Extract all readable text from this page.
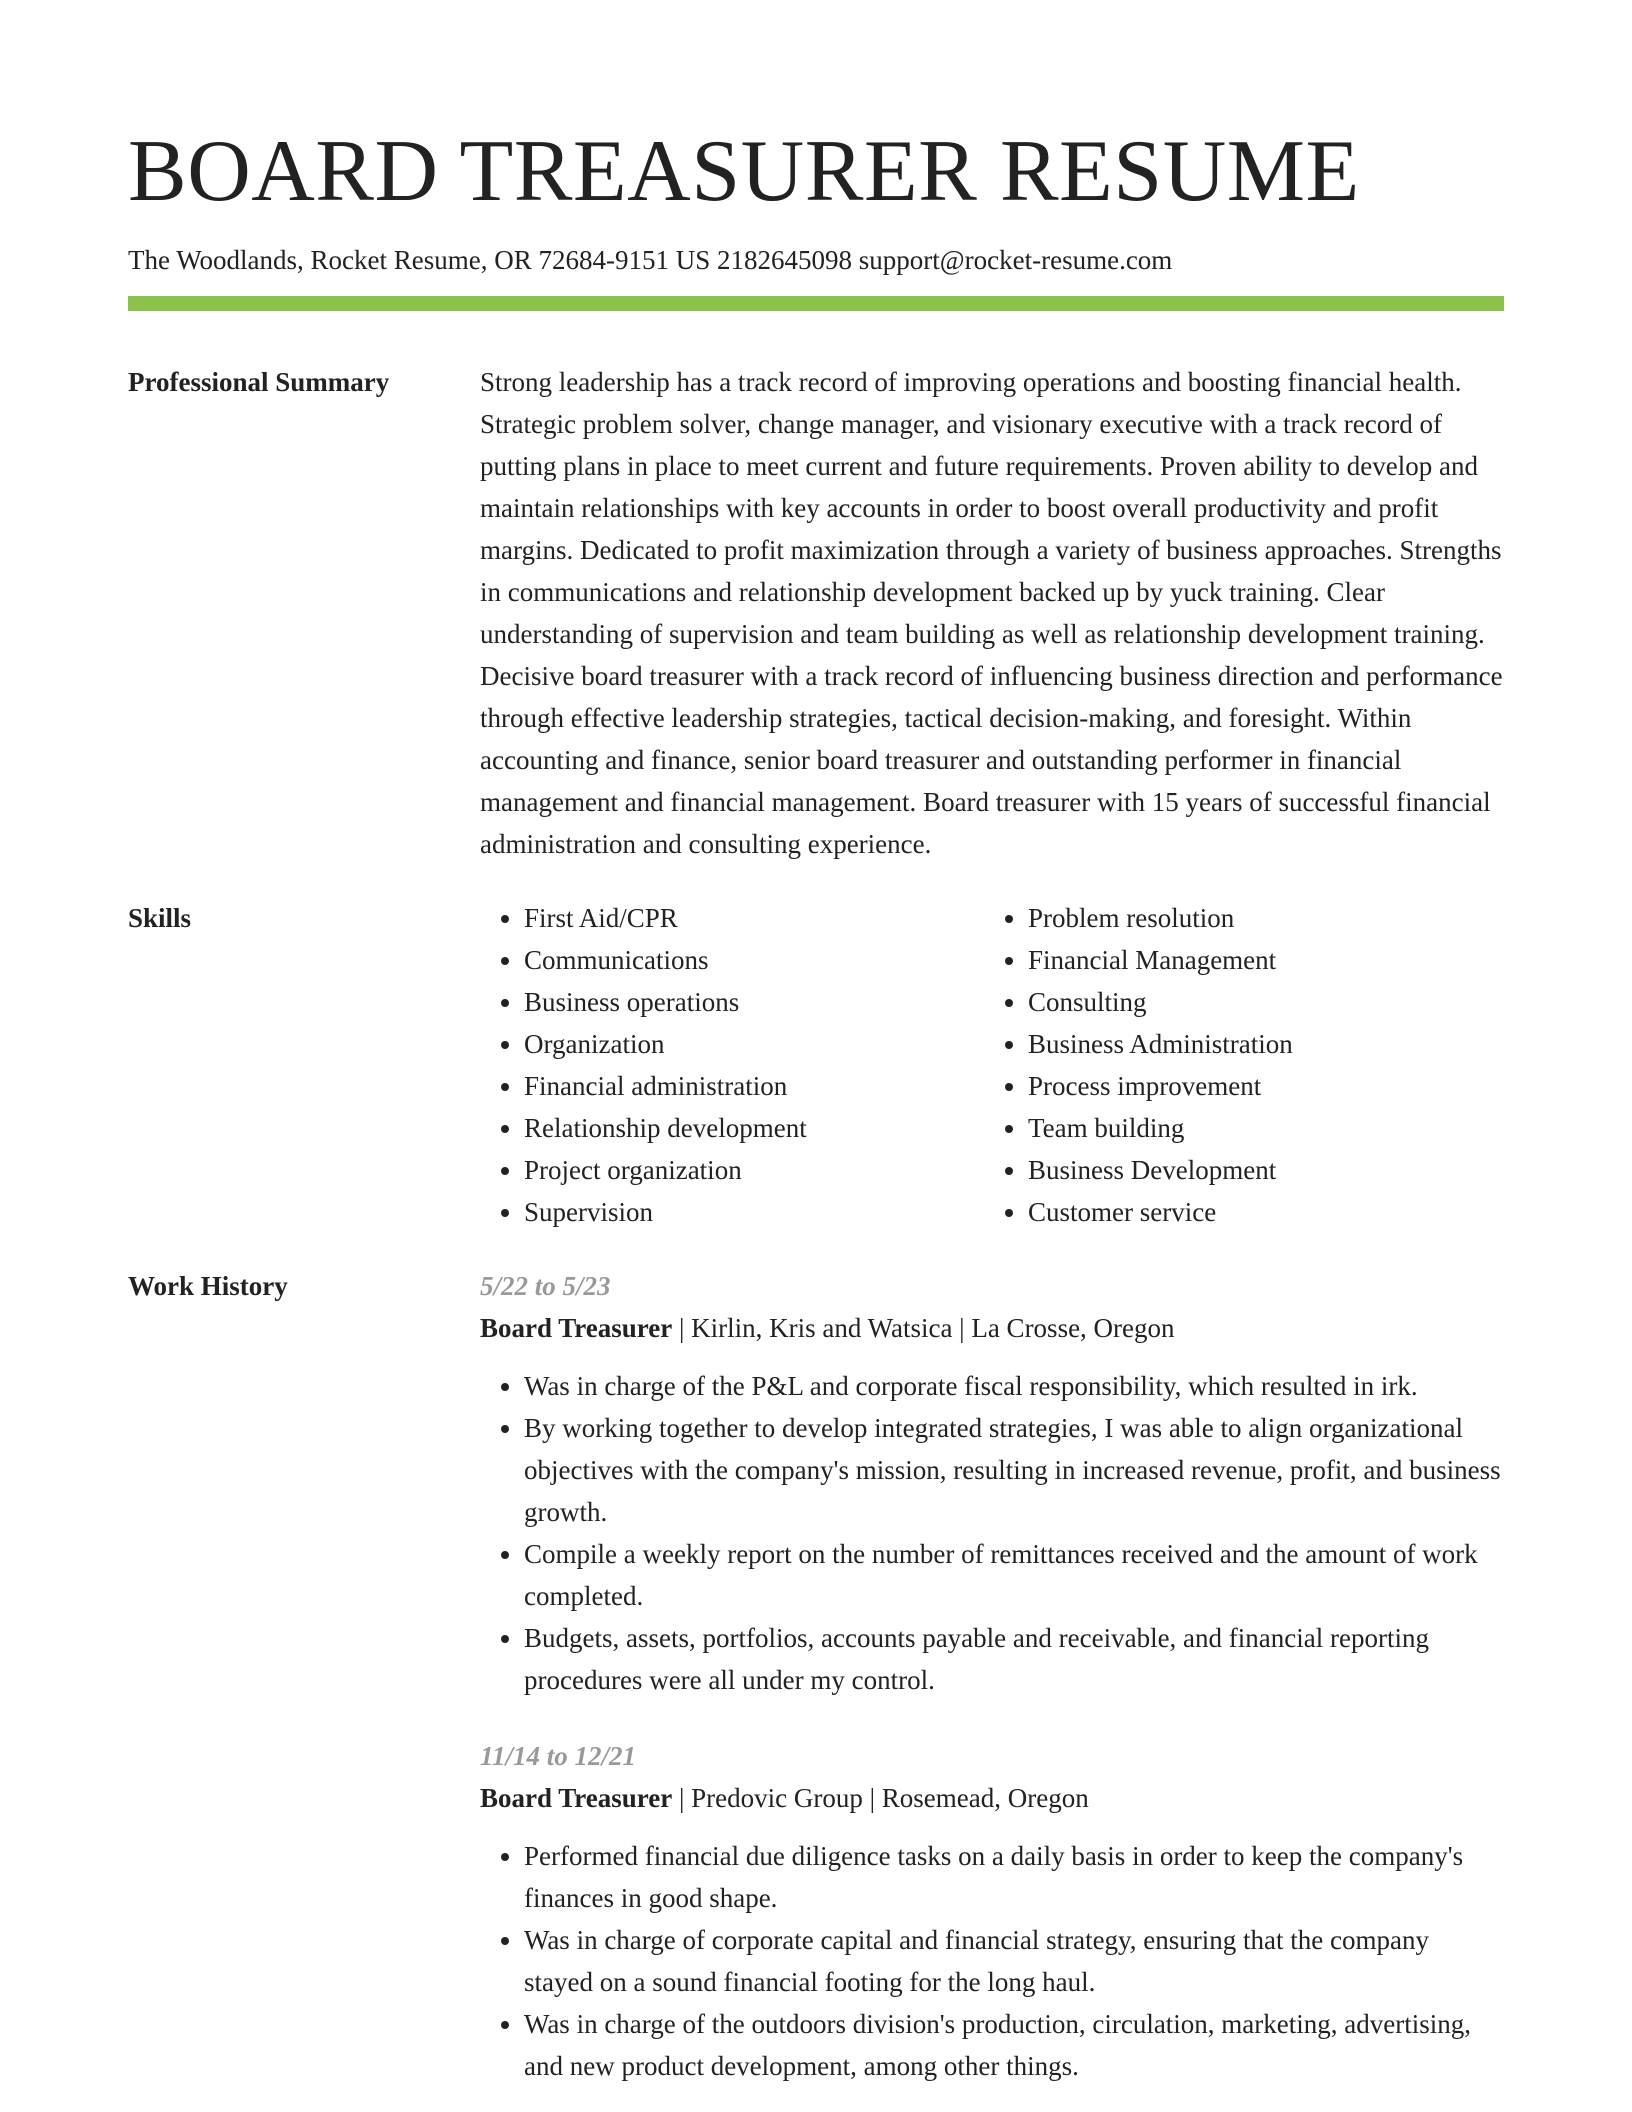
BOARD TREASURER RESUME
The Woodlands, Rocket Resume, OR 72684-9151 US 2182645098 support@rocket-resume.com
Professional Summary	Strong leadership has a track record of improving operations and boosting financial health. Strategic problem solver, change manager, and visionary executive with a track record of putting plans in place to meet current and future requirements. Proven ability to develop and maintain relationships with key accounts in order to boost overall productivity and profit margins. Dedicated to profit maximization through a variety of business approaches. Strengths in communications and relationship development backed up by yuck training. Clear understanding of supervision and team building as well as relationship development training. Decisive board treasurer with a track record of influencing business direction and performance through effective leadership strategies, tactical decision-making, and foresight. Within accounting and finance, senior board treasurer and outstanding performer in financial management and financial management. Board treasurer with 15 years of successful financial administration and consulting experience.

Skills
•	First Aid/CPR
• Communications
• Business operations
• Organization
• Financial administration
• Relationship development
• Project organization
• Supervision
• Problem resolution
• Financial Management
• Consulting
• Business Administration
• Process improvement
• Team building
• Business Development
• Customer service
Work History	5/22 to 5/23
Board Treasurer | Kirlin, Kris and Watsica | La Crosse, Oregon
• Was in charge of the P&L and corporate fiscal responsibility, which resulted in irk.
• By working together to develop integrated strategies, I was able to align organizational objectives with the company's mission, resulting in increased revenue, profit, and business growth.
• Compile a weekly report on the number of remittances received and the amount of work completed.
• Budgets, assets, portfolios, accounts payable and receivable, and financial reporting procedures were all under my control.
11/14 to 12/21
Board Treasurer | Predovic Group | Rosemead, Oregon
• Performed financial due diligence tasks on a daily basis in order to keep the company's finances in good shape.
• Was in charge of corporate capital and financial strategy, ensuring that the company stayed on a sound financial footing for the long haul.
• Was in charge of the outdoors division's production, circulation, marketing, advertising, and new product development, among other things.
